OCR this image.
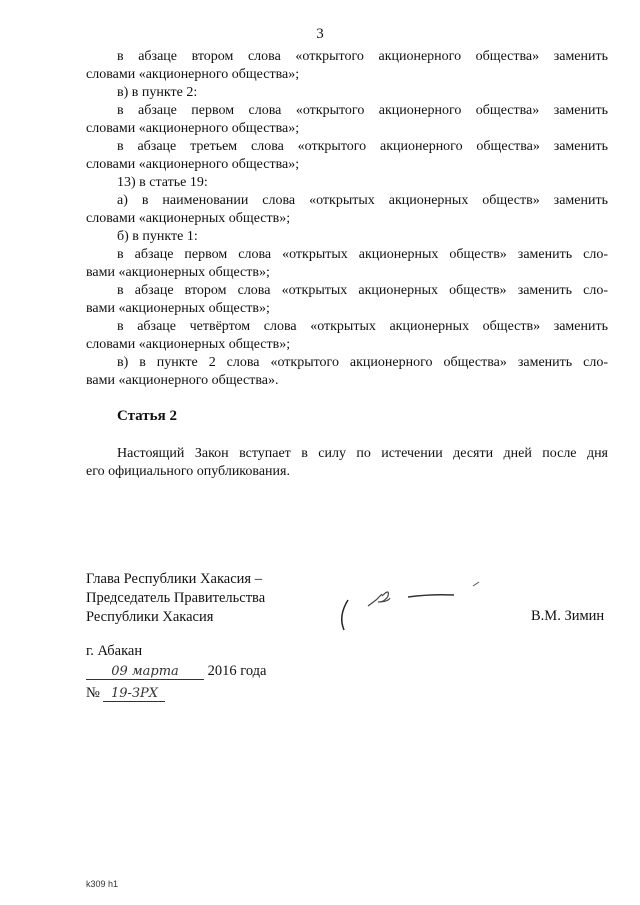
3

в абзаце втором слова «открытого акционерного общества» заменить

словами «акционерного общества»;

в) в пункте 2:

в абзаце первом слова «открытого акционерного общества» заменить

словами «акционерного общества»;

в абзаце третьем слова «открытого акционерного общества» заменить

словами «акционерного общества»;

13) в статье 19:

а) в наименовании слова «открытых акционерных обществ» заменить

словами «акционерных обществ»;

б) в пункте 1:

в абзаце первом слова «открытых акционерных обществ» заменить сло-

вами «акционерных обществ»;

в абзаце втором слова «открытых акционерных обществ» заменить сло-

вами «акционерных обществ»;

в абзаце четвёртом слова «открытых акционерных обществ» заменить

словами «акционерных обществ»;

в) в пункте 2 слова «открытого акционерного общества» заменить сло-

вами «акционерного общества».

Статья 2

Настоящий Закон вступает в силу по истечении десяти дней после дня

его официального опубликования.

Глава Республики Хакасия –
Председатель Правительства
Республики Хакасия	В.М. Зимин
г. Абакан
09 марта 2016 года
№ 19-ЗРХ
k309 h1
